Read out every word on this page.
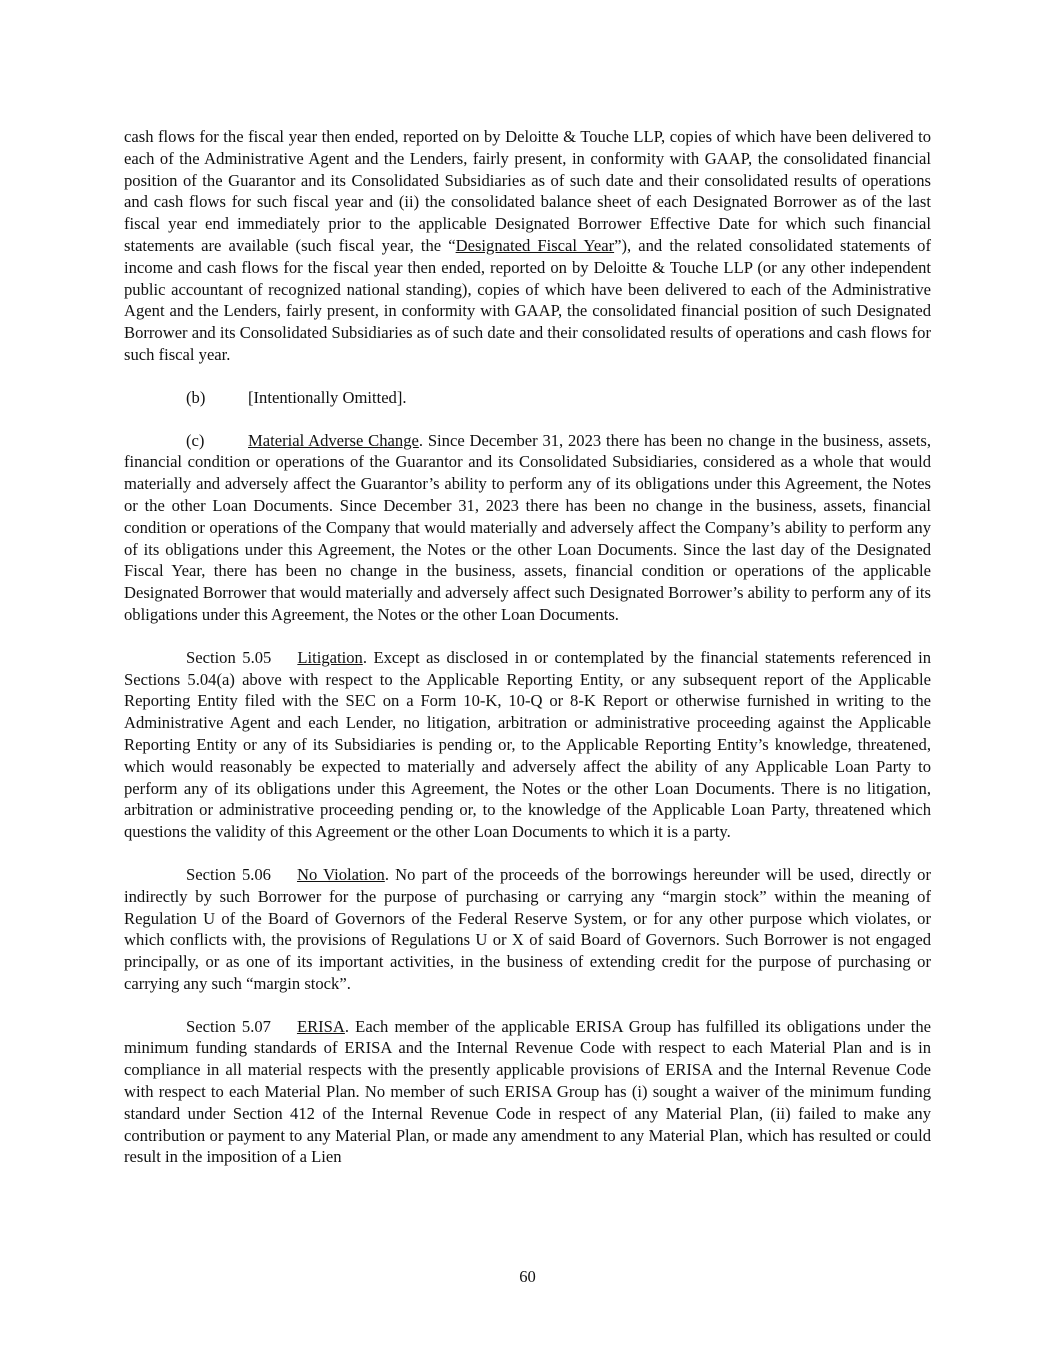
cash flows for the fiscal year then ended, reported on by Deloitte & Touche LLP, copies of which have been delivered to each of the Administrative Agent and the Lenders, fairly present, in conformity with GAAP, the consolidated financial position of the Guarantor and its Consolidated Subsidiaries as of such date and their consolidated results of operations and cash flows for such fiscal year and (ii) the consolidated balance sheet of each Designated Borrower as of the last fiscal year end immediately prior to the applicable Designated Borrower Effective Date for which such financial statements are available (such fiscal year, the “Designated Fiscal Year”), and the related consolidated statements of income and cash flows for the fiscal year then ended, reported on by Deloitte & Touche LLP (or any other independent public accountant of recognized national standing), copies of which have been delivered to each of the Administrative Agent and the Lenders, fairly present, in conformity with GAAP, the consolidated financial position of such Designated Borrower and its Consolidated Subsidiaries as of such date and their consolidated results of operations and cash flows for such fiscal year.

(b)	[Intentionally Omitted].

(c)	Material Adverse Change. Since December 31, 2023 there has been no change in the business, assets, financial condition or operations of the Guarantor and its Consolidated Subsidiaries, considered as a whole that would materially and adversely affect the Guarantor’s ability to perform any of its obligations under this Agreement, the Notes or the other Loan Documents. Since December 31, 2023 there has been no change in the business, assets, financial condition or operations of the Company that would materially and adversely affect the Company’s ability to perform any of its obligations under this Agreement, the Notes or the other Loan Documents. Since the last day of the Designated Fiscal Year, there has been no change in the business, assets, financial condition or operations of the applicable Designated Borrower that would materially and adversely affect such Designated Borrower’s ability to perform any of its obligations under this Agreement, the Notes or the other Loan Documents.

Section 5.05 Litigation. Except as disclosed in or contemplated by the financial statements referenced in Sections 5.04(a) above with respect to the Applicable Reporting Entity, or any subsequent report of the Applicable Reporting Entity filed with the SEC on a Form 10-K, 10-Q or 8-K Report or otherwise furnished in writing to the Administrative Agent and each Lender, no litigation, arbitration or administrative proceeding against the Applicable Reporting Entity or any of its Subsidiaries is pending or, to the Applicable Reporting Entity’s knowledge, threatened, which would reasonably be expected to materially and adversely affect the ability of any Applicable Loan Party to perform any of its obligations under this Agreement, the Notes or the other Loan Documents. There is no litigation, arbitration or administrative proceeding pending or, to the knowledge of the Applicable Loan Party, threatened which questions the validity of this Agreement or the other Loan Documents to which it is a party.

Section 5.06 No Violation. No part of the proceeds of the borrowings hereunder will be used, directly or indirectly by such Borrower for the purpose of purchasing or carrying any “margin stock” within the meaning of Regulation U of the Board of Governors of the Federal Reserve System, or for any other purpose which violates, or which conflicts with, the provisions of Regulations U or X of said Board of Governors. Such Borrower is not engaged principally, or as one of its important activities, in the business of extending credit for the purpose of purchasing or carrying any such “margin stock”.

Section 5.07 ERISA. Each member of the applicable ERISA Group has fulfilled its obligations under the minimum funding standards of ERISA and the Internal Revenue Code with respect to each Material Plan and is in compliance in all material respects with the presently applicable provisions of ERISA and the Internal Revenue Code with respect to each Material Plan. No member of such ERISA Group has (i) sought a waiver of the minimum funding standard under Section 412 of the Internal Revenue Code in respect of any Material Plan, (ii) failed to make any contribution or payment to any Material Plan, or made any amendment to any Material Plan, which has resulted or could result in the imposition of a Lien

60
